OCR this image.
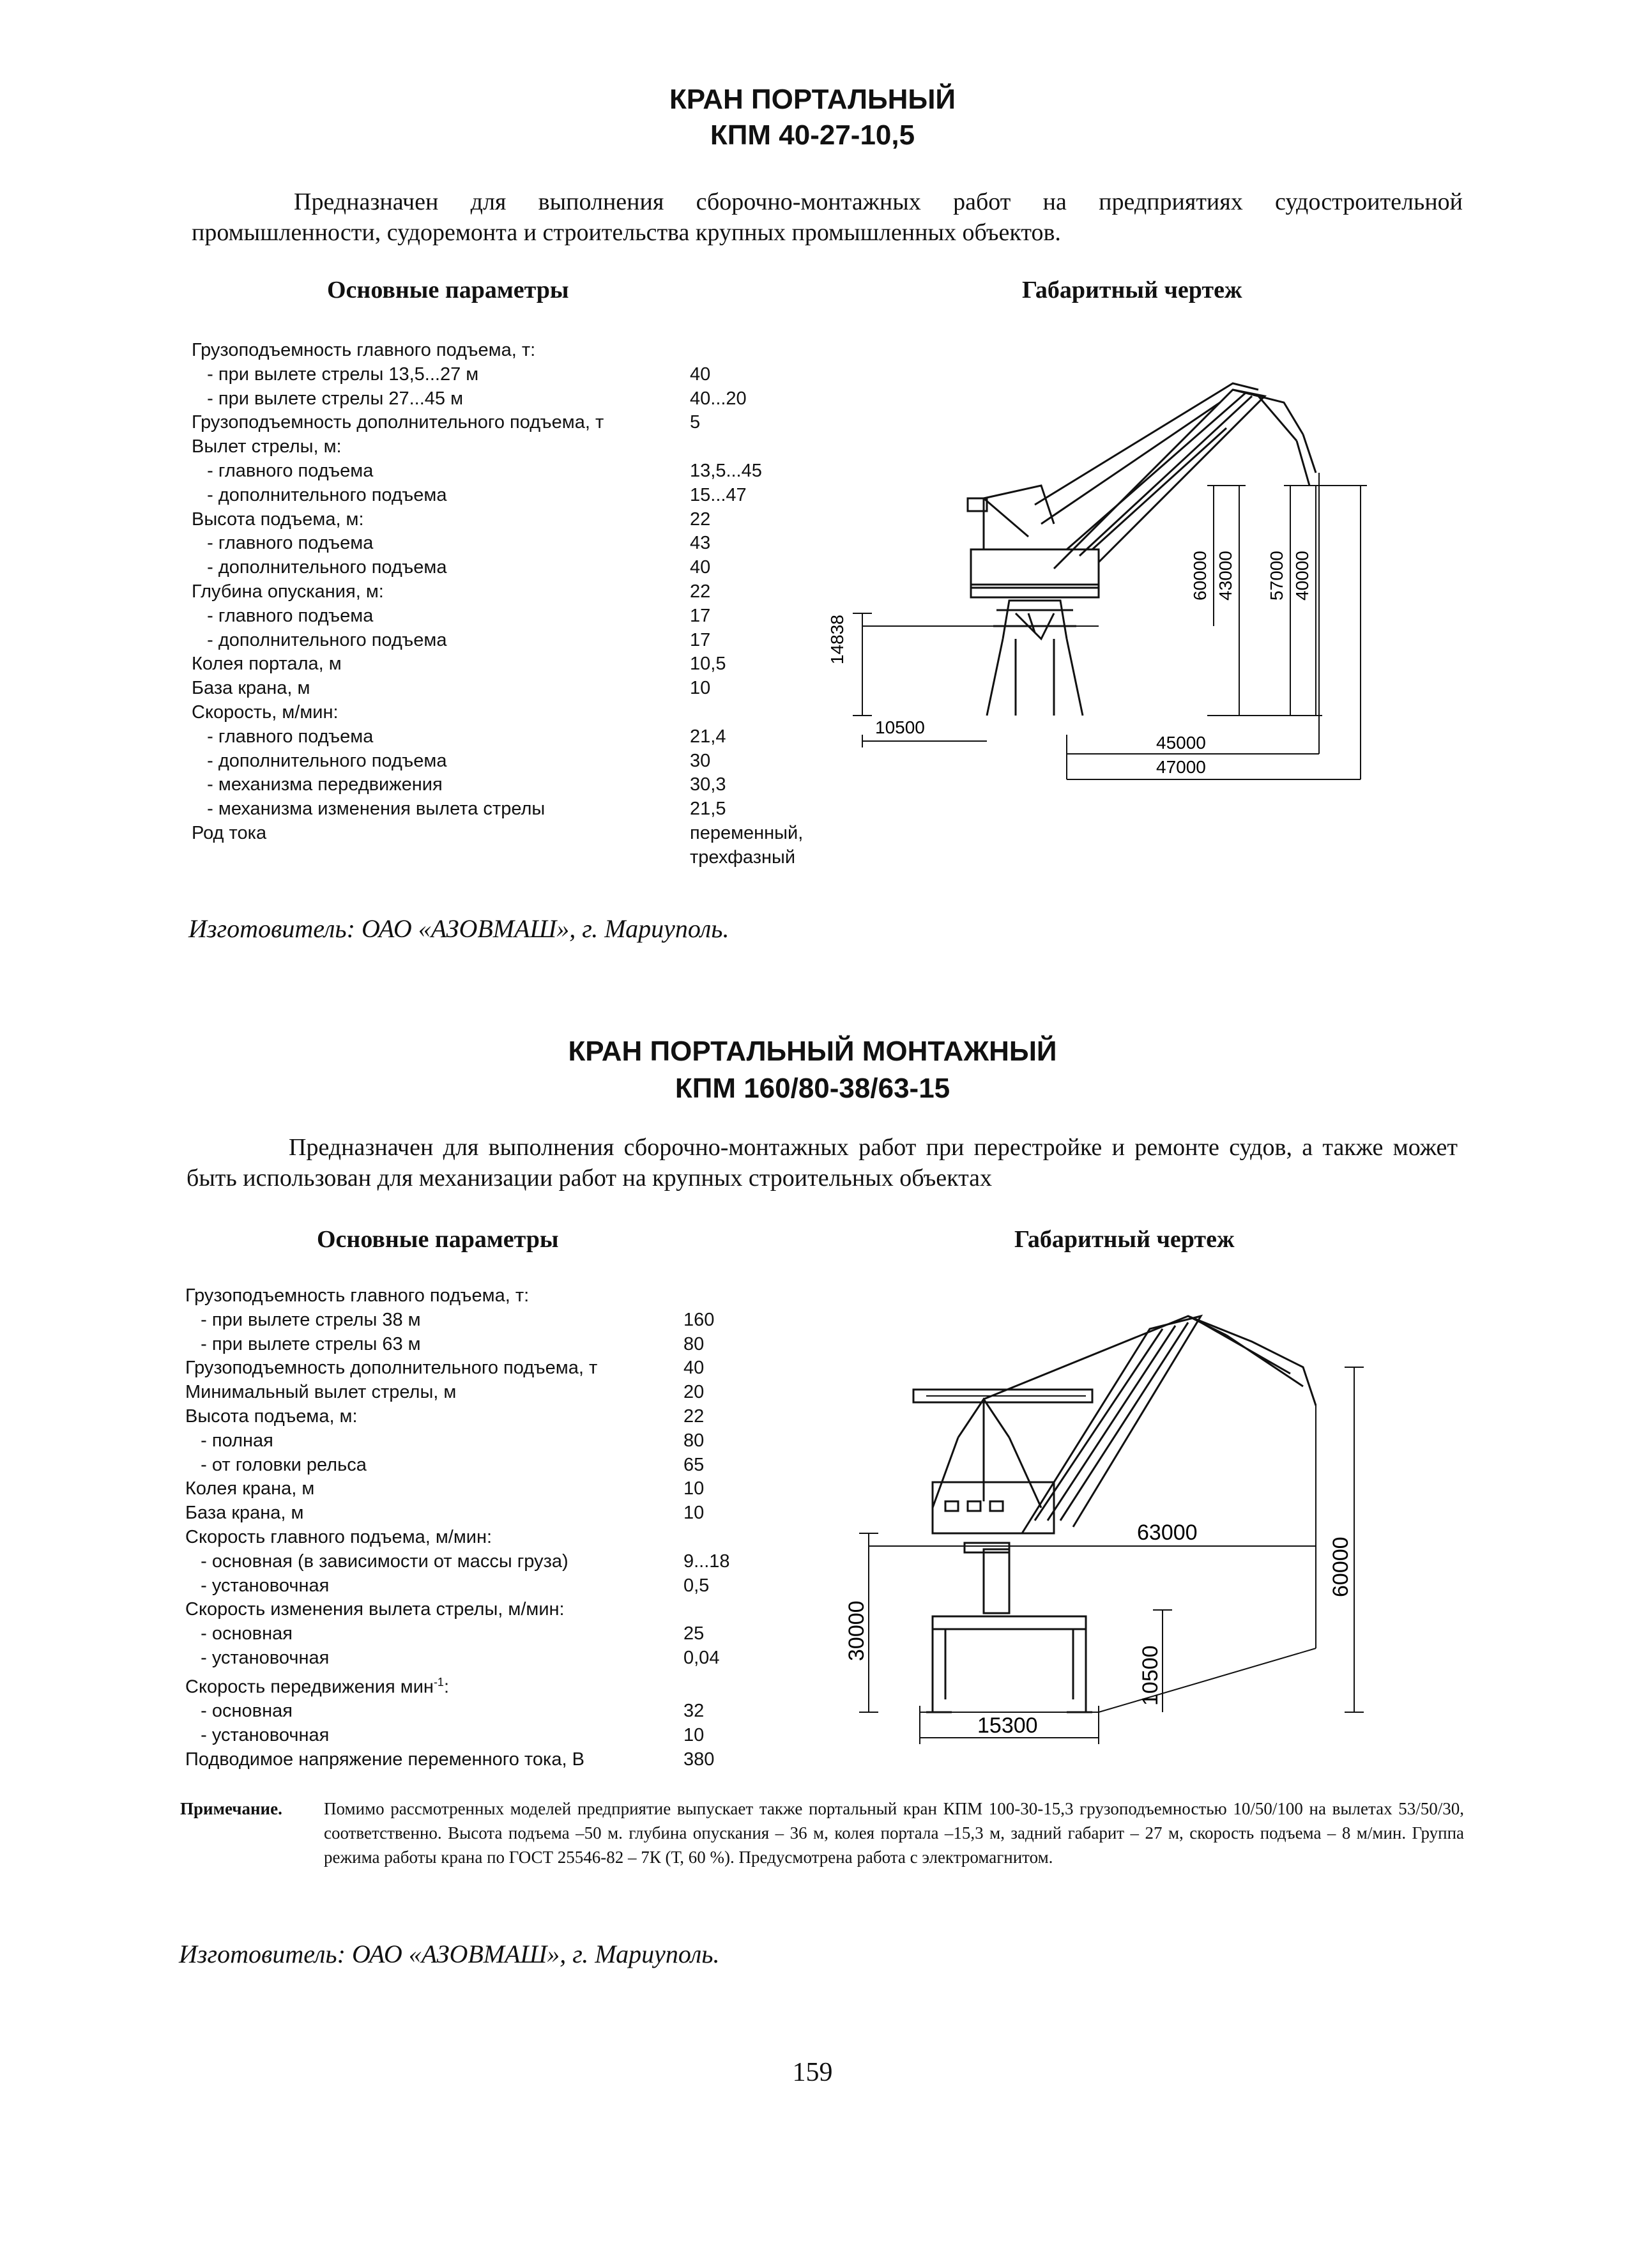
КРАН ПОРТАЛЬНЫЙ
КПМ 40-27-10,5
Предназначен для выполнения сборочно-монтажных работ на предприятиях судостроительной промышленности, судоремонта и строительства крупных промышленных объектов.
Основные параметры	Габаритный чертеж
Грузоподъемность главного подъема, т:
- при вылете стрелы 13,5...27 м	40
- при вылете стрелы 27...45 м	40...20
Грузоподъемность дополнительного подъема, т	5
Вылет стрелы, м:
- главного подъема	13,5...45
- дополнительного подъема	15...47
Высота подъема, м:	22
- главного подъема	43
- дополнительного подъема	40
Глубина опускания, м:	22
- главного подъема	17
- дополнительного подъема	17
Колея портала, м	10,5
База крана, м	10
Скорость, м/мин:
- главного подъема	21,4
- дополнительного подъема	30
- механизма передвижения	30,3
- механизма изменения вылета стрелы	21,5
Род тока	переменный,
трехфазный
14838
10500
60000 43000 57000 40000
45000
47000
Изготовитель: ОАО «АЗОВМАШ», г. Мариуполь.
КРАН ПОРТАЛЬНЫЙ МОНТАЖНЫЙ
КПМ 160/80-38/63-15
Предназначен для выполнения сборочно-монтажных работ при перестройке и ремонте судов, а также может быть использован для механизации работ на крупных строительных объектах
Основные параметры	Габаритный чертеж
Грузоподъемность главного подъема, т:
- при вылете стрелы 38 м	160
- при вылете стрелы 63 м	80
Грузоподъемность дополнительного подъема, т	40
Минимальный вылет стрелы, м	20
Высота подъема, м:	22
- полная	80
- от головки рельса	65
Колея крана, м	10
База крана, м	10
Скорость главного подъема, м/мин:
- основная (в зависимости от массы груза)	9...18
- установочная	0,5
Скорость изменения вылета стрелы, м/мин:
- основная	25
- установочная	0,04
Скорость передвижения мин$^{-1}$:
- основная	32
- установочная	10
Подводимое напряжение переменного тока, В	380
63000
60000
30000
10500
15300
Примечание.	Помимо рассмотренных моделей предприятие выпускает также портальный кран КПМ 100-30-15,3 грузоподъемностью 10/50/100 на вылетах 53/50/30, соответственно. Высота подъема –50 м. глубина опускания – 36 м, колея портала –15,3 м, задний габарит – 27 м, скорость подъема – 8 м/мин. Группа режима работы крана по ГОСТ 25546-82 – 7К (Т, 60 %). Предусмотрена работа с электромагнитом.
Изготовитель: ОАО «АЗОВМАШ», г. Мариуполь.
159
